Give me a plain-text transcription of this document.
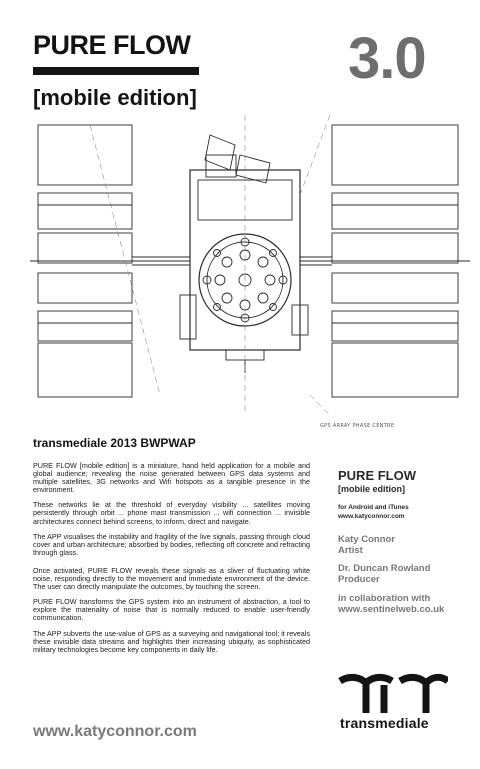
PURE FLOW
[mobile edition]
3.0
GPS ARRAY PHASE CENTRE
transmediale 2013 BWPWAP

PURE FLOW [mobile edition] is a miniature, hand held application for a mobile and global audience; revealing the noise generated between GPS data systems and multiple satellites, 3G networks and Wifi hotspots as a tangible presence in the environment.

These networks lie at the threshold of everyday visibility ... satellites moving persistently through orbit ... phone mast transmission ... wifi connection ... invisible architectures connect behind screens, to inform, direct and navigate.

The APP visualises the instability and fragility of the live signals, passing through cloud cover and urban architecture; absorbed by bodies, reflecting off concrete and refracting through glass.

Once activated, PURE FLOW reveals these signals as a sliver of fluctuating white noise, responding directly to the movement and immediate environment of the device. The user can directly manipulate the outcomes, by touching the screen.

PURE FLOW transforms the GPS system into an instrument of abstraction, a tool to explore the materiality of noise that is normally reduced to enable user-friendly communication.

The APP subverts the use-value of GPS as a surveying and navigational tool; it reveals these invisible data streams and highlights their increasing ubiquity, as sophisticated military technologies become key components in daily life.

PURE FLOW
[mobile edition]
for Android and iTunes
www.katyconnor.com
Katy Connor
Artist
Dr. Duncan Rowland
Producer
in collaboration with
www.sentinelweb.co.uk
transmediale
www.katyconnor.com
